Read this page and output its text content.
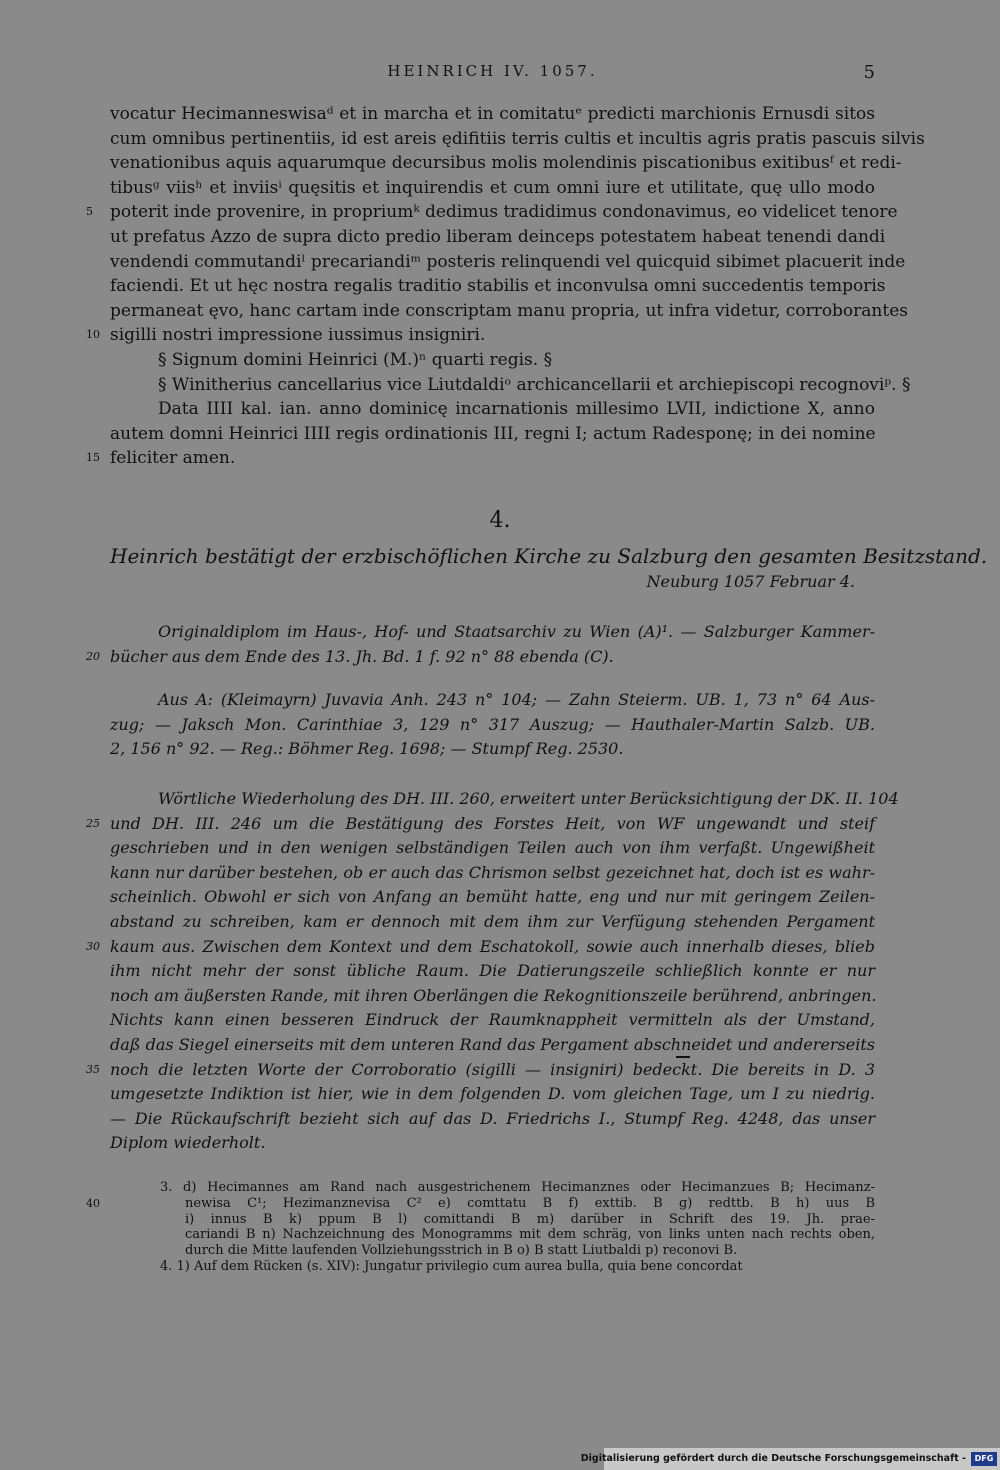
HEINRICH IV. 1057.	5
vocatur Hecimanneswisaᵈ et in marcha et in comitatuᵉ predicti marchionis Ernusdi sitos
cum omnibus pertinentiis, id est areis ędifitiis terris cultis et incultis agris pratis pascuis silvis
venationibus aquis aquarumque decursibus molis molendinis piscationibus exitibusᶠ et redi-
tibusᵍ viisʰ et inviisⁱ quęsitis et inquirendis et cum omni iure et utilitate, quę ullo modo
5 poterit inde provenire, in propriumᵏ dedimus tradidimus condonavimus, eo videlicet tenore
ut prefatus Azzo de supra dicto predio liberam deinceps potestatem habeat tenendi dandi
vendendi commutandiˡ precariandiᵐ posteris relinquendi vel quicquid sibimet placuerit inde
faciendi. Et ut hęc nostra regalis traditio stabilis et inconvulsa omni succedentis temporis
permaneat ęvo, hanc cartam inde conscriptam manu propria, ut infra videtur, corroborantes
10 sigilli nostri impressione iussimus insigniri.
§ Signum domini Heinrici (M.)ⁿ quarti regis. §
§ Winitherius cancellarius vice Liutdaldiᵒ archicancellarii et archiepiscopi recognoviᵖ. §
Data IIII kal. ian. anno dominicę incarnationis millesimo LVII, indictione X, anno
autem domni Heinrici IIII regis ordinationis III, regni I; actum Radesponę; in dei nomine
15 feliciter amen.
4.
Heinrich bestätigt der erzbischöflichen Kirche zu Salzburg den gesamten Besitzstand.
Neuburg 1057 Februar 4.
Originaldiplom im Haus-, Hof- und Staatsarchiv zu Wien (A)¹. — Salzburger Kammer-
20 bücher aus dem Ende des 13. Jh. Bd. 1 f. 92 n° 88 ebenda (C).
Aus A: (Kleimayrn) Juvavia Anh. 243 n° 104; — Zahn Steierm. UB. 1, 73 n° 64 Aus-
zug; — Jaksch Mon. Carinthiae 3, 129 n° 317 Auszug; — Hauthaler-Martin Salzb. UB.
2, 156 n° 92. — Reg.: Böhmer Reg. 1698; — Stumpf Reg. 2530.
Wörtliche Wiederholung des DH. III. 260, erweitert unter Berücksichtigung der DK. II. 104
25 und DH. III. 246 um die Bestätigung des Forstes Heit, von WF ungewandt und steif
geschrieben und in den wenigen selbständigen Teilen auch von ihm verfaßt. Ungewißheit
kann nur darüber bestehen, ob er auch das Chrismon selbst gezeichnet hat, doch ist es wahr-
scheinlich. Obwohl er sich von Anfang an bemüht hatte, eng und nur mit geringem Zeilen-
abstand zu schreiben, kam er dennoch mit dem ihm zur Verfügung stehenden Pergament
30 kaum aus. Zwischen dem Kontext und dem Eschatokoll, sowie auch innerhalb dieses, blieb
ihm nicht mehr der sonst übliche Raum. Die Datierungszeile schließlich konnte er nur
noch am äußersten Rande, mit ihren Oberlängen die Rekognitionszeile berührend, anbringen.
Nichts kann einen besseren Eindruck der Raumknappheit vermitteln als der Umstand,
daß das Siegel einerseits mit dem unteren Rand das Pergament abschneidet und andererseits
35 noch die letzten Worte der Corroboratio (sigilli — insigniri) bedeckt. Die bereits in D. 3
umgesetzte Indiktion ist hier, wie in dem folgenden D. vom gleichen Tage, um I zu niedrig.
— Die Rückaufschrift bezieht sich auf das D. Friedrichs I., Stumpf Reg. 4248, das unser
Diplom wiederholt.
3. d) Hecimannes am Rand nach ausgestrichenem Hecimanznes oder Hecimanzues B; Hecimanz-
40	newisa C¹; Hezimanznevisa C² e) comttatu B f) exttib. B g) redttb. B h) uus B
i) innus B k) ppum B l) comittandi B m) darüber in Schrift des 19. Jh. prae-
cariandi B n) Nachzeichnung des Monogramms mit dem schräg, von links unten nach rechts oben,
durch die Mitte laufenden Vollziehungsstrich in B o) B statt Liutbaldi p) reconovi B.
4. 1) Auf dem Rücken (s. XIV): Jungatur privilegio cum aurea bulla, quia bene concordat
Digitalisierung gefördert durch die Deutsche Forschungsgemeinschaft -	DFG
